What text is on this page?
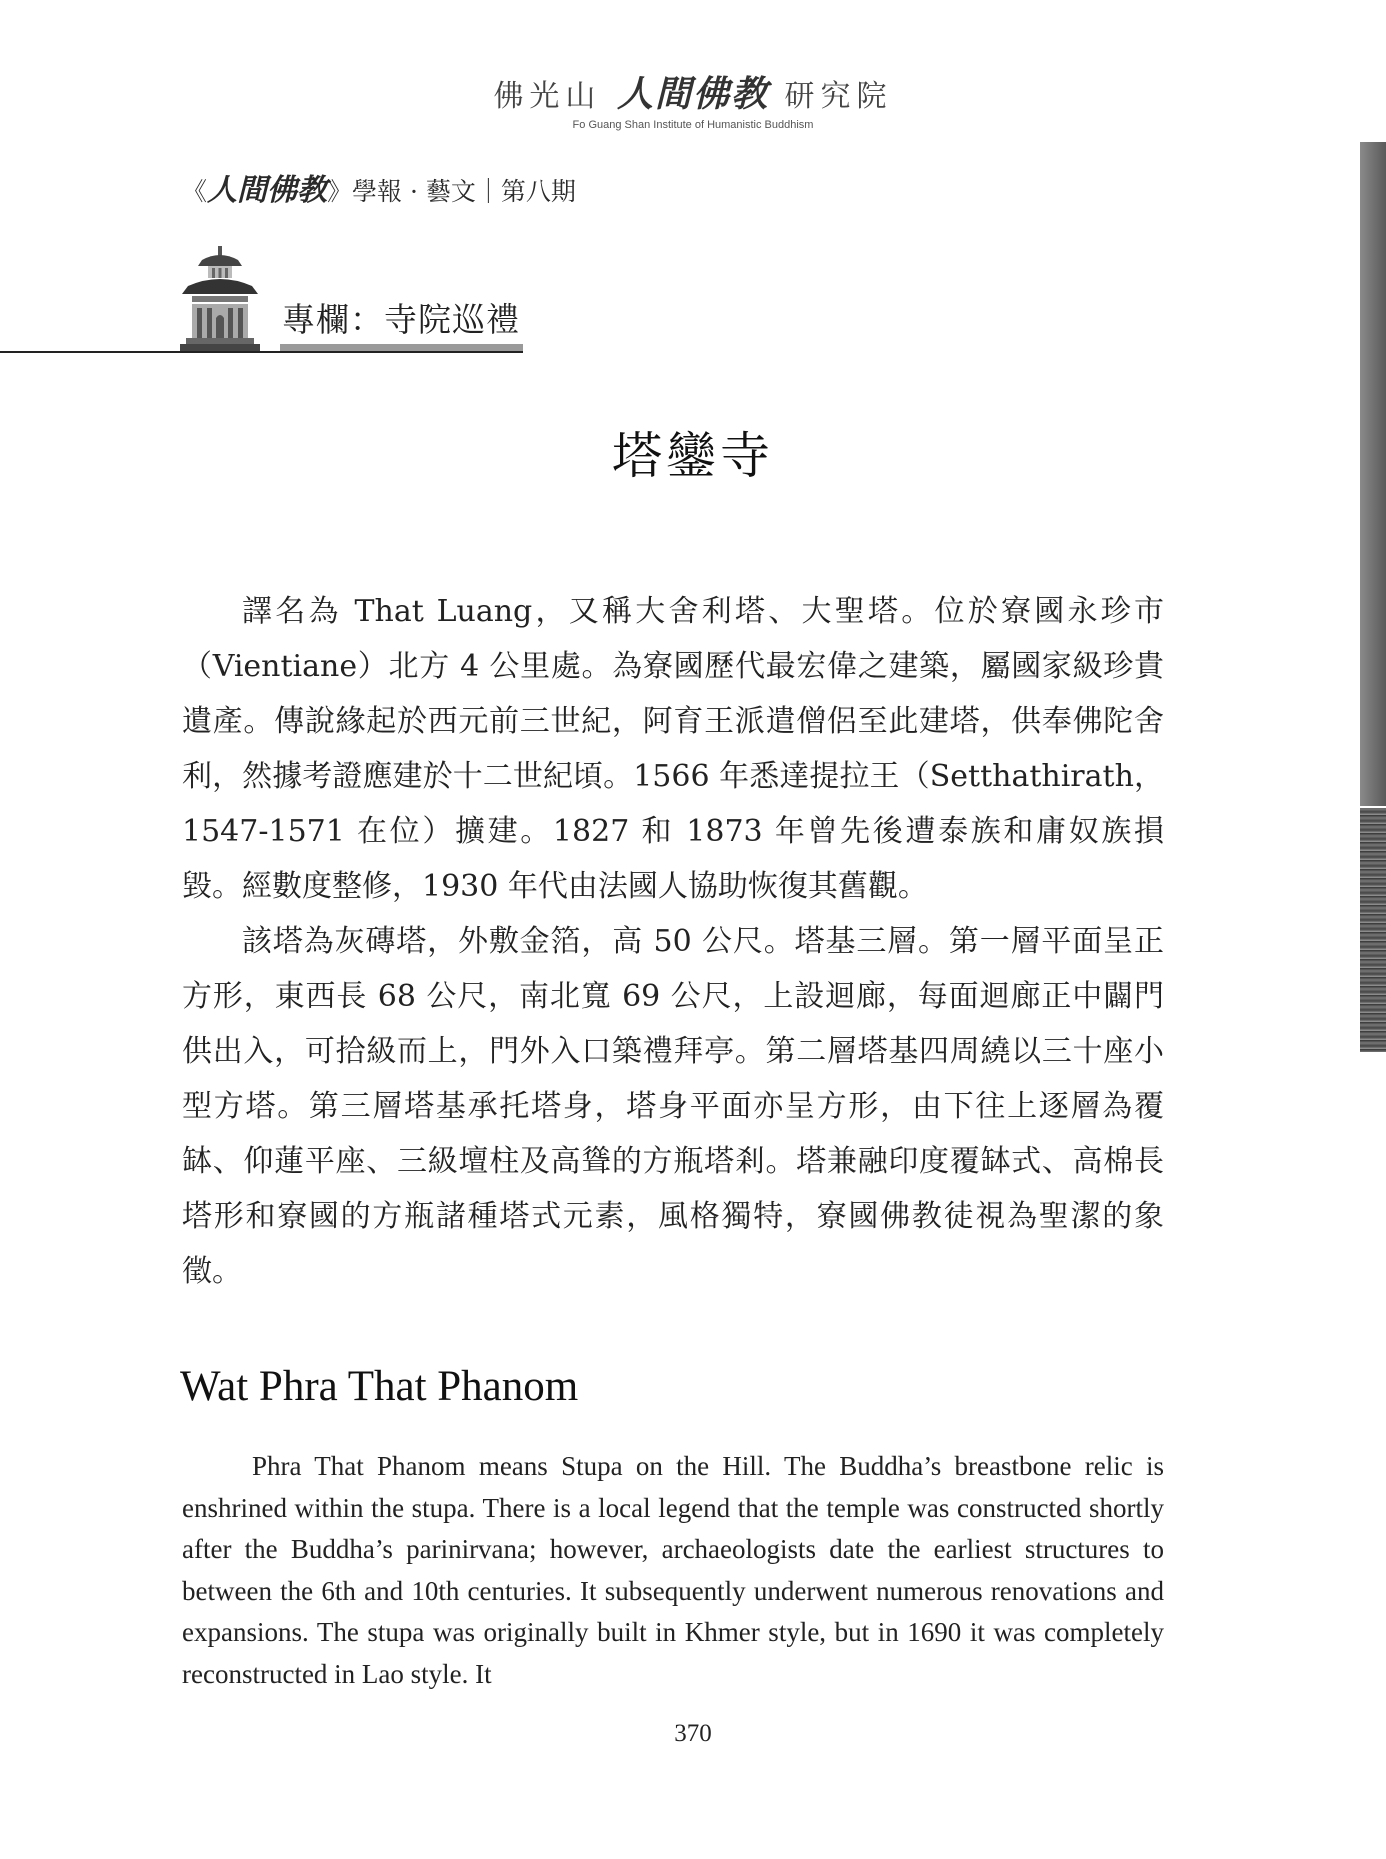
佛光山 人間佛教 研究院
Fo Guang Shan Institute of Humanistic Buddhism
《人間佛教》學報 · 藝文｜第八期
專欄：寺院巡禮
塔鑾寺

譯名為 That Luang，又稱大舍利塔、大聖塔。位於寮國永珍市（Vientiane）北方 4 公里處。為寮國歷代最宏偉之建築，屬國家級珍貴遺產。傳說緣起於西元前三世紀，阿育王派遣僧侶至此建塔，供奉佛陀舍利，然據考證應建於十二世紀頃。1566 年悉達提拉王（Setthathirath，1547-1571 在位）擴建。1827 和 1873 年曾先後遭泰族和庸奴族損毀。經數度整修，1930 年代由法國人協助恢復其舊觀。

該塔為灰磚塔，外敷金箔，高 50 公尺。塔基三層。第一層平面呈正方形，東西長 68 公尺，南北寬 69 公尺，上設迴廊，每面迴廊正中闢門供出入，可拾級而上，門外入口築禮拜亭。第二層塔基四周繞以三十座小型方塔。第三層塔基承托塔身，塔身平面亦呈方形，由下往上逐層為覆缽、仰蓮平座、三級壇柱及高聳的方瓶塔剎。塔兼融印度覆缽式、高棉長塔形和寮國的方瓶諸種塔式元素，風格獨特，寮國佛教徒視為聖潔的象徵。

Wat Phra That Phanom

Phra That Phanom means Stupa on the Hill. The Buddha’s breastbone relic is enshrined within the stupa. There is a local legend that the temple was constructed shortly after the Buddha’s parinirvana; however, archaeologists date the earliest structures to between the 6th and 10th centuries. It subsequently underwent numerous renovations and expansions. The stupa was originally built in Khmer style, but in 1690 it was completely reconstructed in Lao style. It

370
